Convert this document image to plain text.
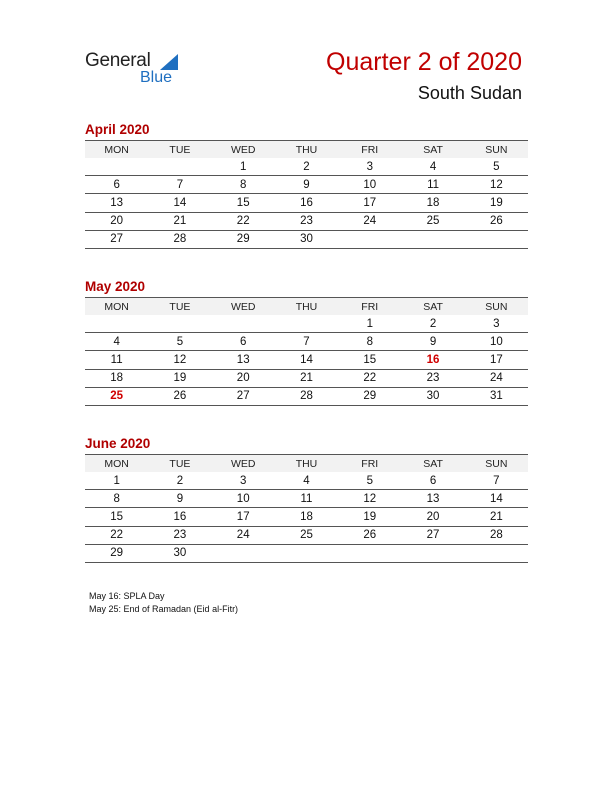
General
Blue
Quarter 2 of 2020
South Sudan
April 2020
MON	TUE	WED	THU	FRI	SAT	SUN
		1	2	3	4	5
6	7	8	9	10	11	12
13	14	15	16	17	18	19
20	21	22	23	24	25	26
27	28	29	30			
May 2020
MON	TUE	WED	THU	FRI	SAT	SUN
				1	2	3
4	5	6	7	8	9	10
11	12	13	14	15	16	17
18	19	20	21	22	23	24
25	26	27	28	29	30	31
June 2020
MON	TUE	WED	THU	FRI	SAT	SUN
1	2	3	4	5	6	7
8	9	10	11	12	13	14
15	16	17	18	19	20	21
22	23	24	25	26	27	28
29	30					
May 16: SPLA Day
May 25: End of Ramadan (Eid al-Fitr)
